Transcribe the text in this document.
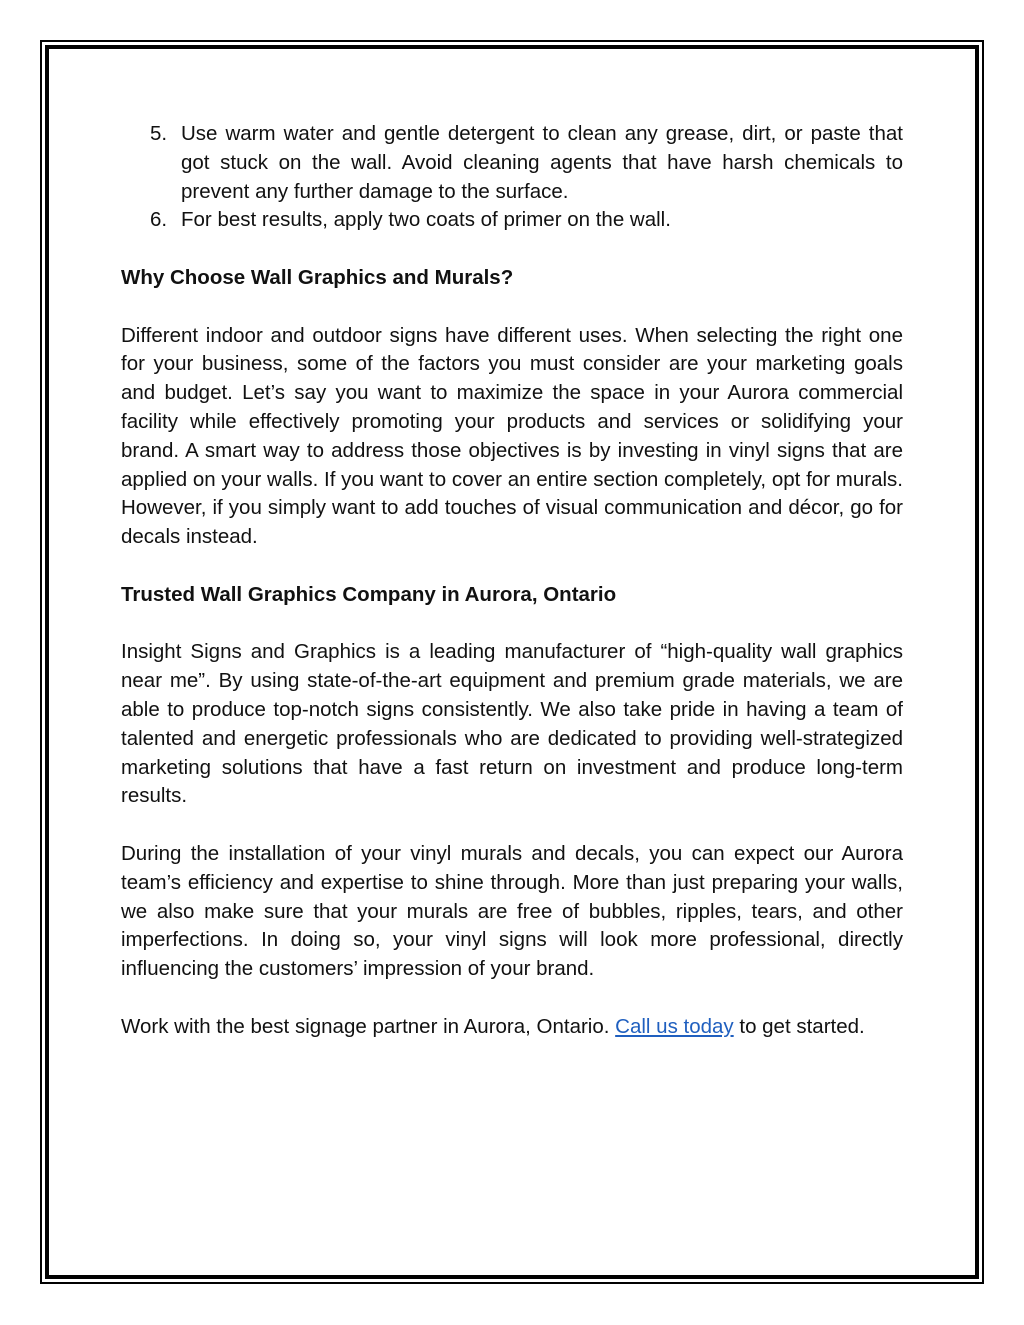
5. Use warm water and gentle detergent to clean any grease, dirt, or paste that got stuck on the wall. Avoid cleaning agents that have harsh chemicals to prevent any further damage to the surface.
6. For best results, apply two coats of primer on the wall.

Why Choose Wall Graphics and Murals?

Different indoor and outdoor signs have different uses. When selecting the right one for your business, some of the factors you must consider are your marketing goals and budget. Let’s say you want to maximize the space in your Aurora commercial facility while effectively promoting your products and services or solidifying your brand. A smart way to address those objectives is by investing in vinyl signs that are applied on your walls. If you want to cover an entire section completely, opt for murals. However, if you simply want to add touches of visual communication and décor, go for decals instead.

Trusted Wall Graphics Company in Aurora, Ontario

Insight Signs and Graphics is a leading manufacturer of “high-quality wall graphics near me”. By using state-of-the-art equipment and premium grade materials, we are able to produce top-notch signs consistently. We also take pride in having a team of talented and energetic professionals who are dedicated to providing well-strategized marketing solutions that have a fast return on investment and produce long-term results.

During the installation of your vinyl murals and decals, you can expect our Aurora team’s efficiency and expertise to shine through. More than just preparing your walls, we also make sure that your murals are free of bubbles, ripples, tears, and other imperfections. In doing so, your vinyl signs will look more professional, directly influencing the customers’ impression of your brand.

Work with the best signage partner in Aurora, Ontario. Call us today to get started.
